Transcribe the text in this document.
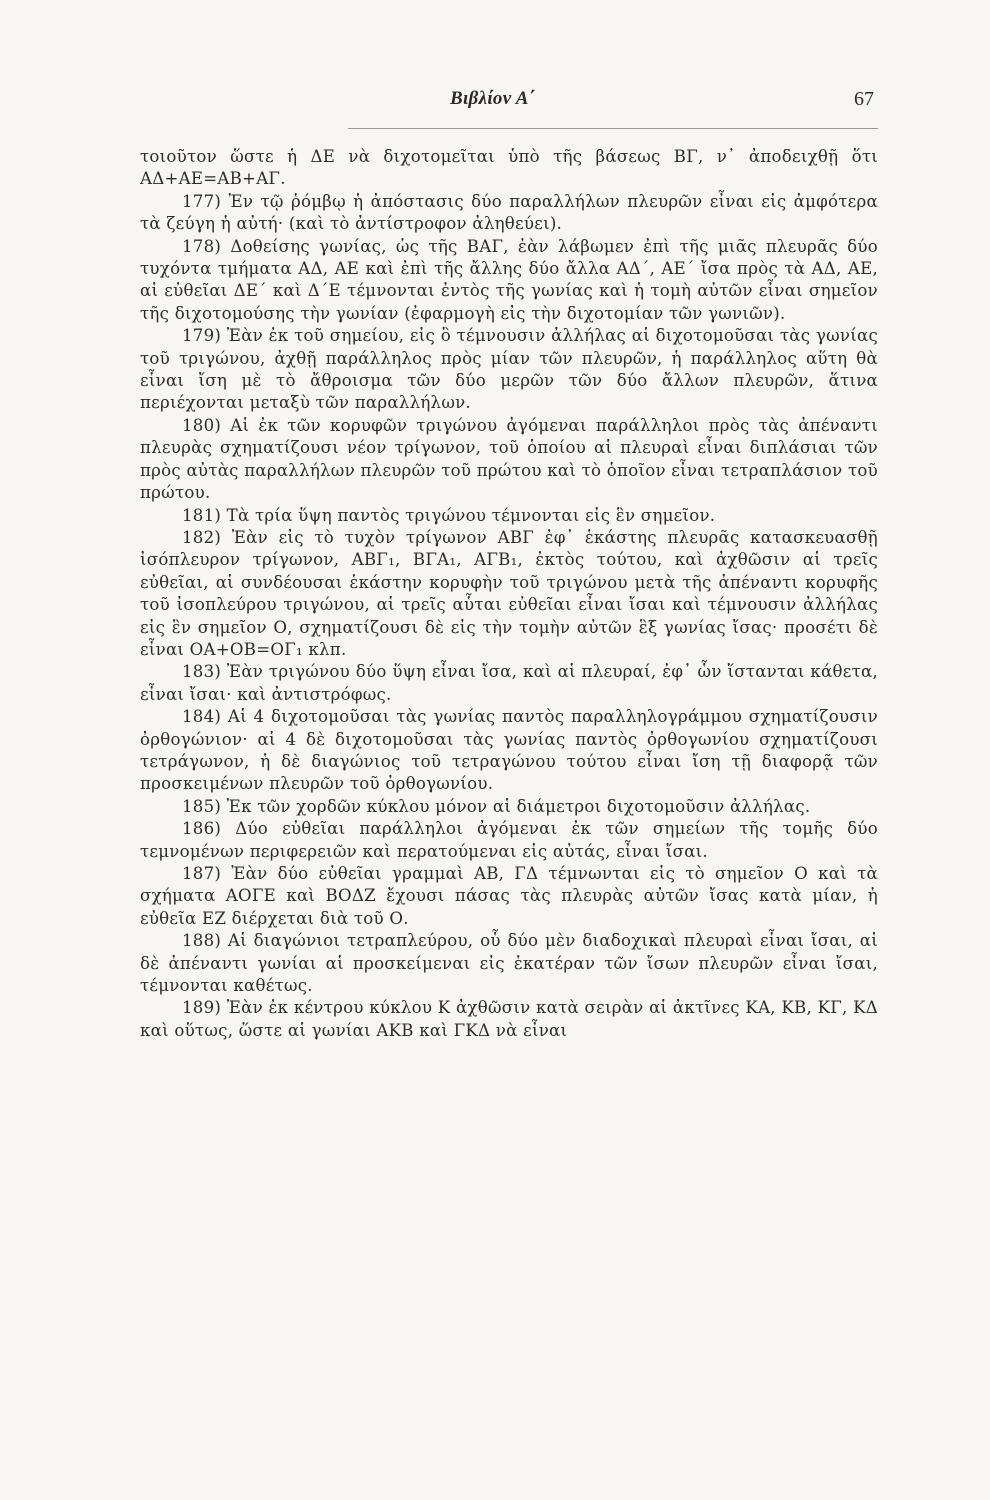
Βιβλίον Α΄	67

τοιοῦτον ὥστε ἡ ΔΕ νὰ διχοτομεῖται ὑπὸ τῆς βάσεως ΒΓ, ν᾽ ἀποδειχθῇ ὅτι ΑΔ+ΑΕ=ΑΒ+ΑΓ.

177) Ἐν τῷ ῥόμβῳ ἡ ἀπόστασις δύο παραλλήλων πλευρῶν εἶναι εἰς ἀμφότερα τὰ ζεύγη ἡ αὐτή· (καὶ τὸ ἀντίστροφον ἀληθεύει).

178) Δοθείσης γωνίας, ὡς τῆς ΒΑΓ, ἐὰν λάβωμεν ἐπὶ τῆς μιᾶς πλευρᾶς δύο τυχόντα τμήματα ΑΔ, ΑΕ καὶ ἐπὶ τῆς ἄλλης δύο ἄλλα ΑΔ΄, ΑΕ΄ ἴσα πρὸς τὰ ΑΔ, ΑΕ, αἱ εὐθεῖαι ΔΕ΄ καὶ Δ΄Ε τέμνονται ἐντὸς τῆς γωνίας καὶ ἡ τομὴ αὐτῶν εἶναι σημεῖον τῆς διχοτομούσης τὴν γωνίαν (ἐφαρμογὴ εἰς τὴν διχοτομίαν τῶν γωνιῶν).

179) Ἐὰν ἐκ τοῦ σημείου, εἰς ὃ τέμνουσιν ἀλλήλας αἱ διχοτομοῦσαι τὰς γωνίας τοῦ τριγώνου, ἀχθῇ παράλληλος πρὸς μίαν τῶν πλευρῶν, ἡ παράλληλος αὕτη θὰ εἶναι ἴση μὲ τὸ ἄθροισμα τῶν δύο μερῶν τῶν δύο ἄλλων πλευρῶν, ἅτινα περιέχονται μεταξὺ τῶν παραλλήλων.

180) Αἱ ἐκ τῶν κορυφῶν τριγώνου ἀγόμεναι παράλληλοι πρὸς τὰς ἀπέναντι πλευρὰς σχηματίζουσι νέον τρίγωνον, τοῦ ὁποίου αἱ πλευραὶ εἶναι διπλάσιαι τῶν πρὸς αὐτὰς παραλλήλων πλευρῶν τοῦ πρώτου καὶ τὸ ὁποῖον εἶναι τετραπλάσιον τοῦ πρώτου.

181) Τὰ τρία ὕψη παντὸς τριγώνου τέμνονται εἰς ἓν σημεῖον.

182) Ἐὰν εἰς τὸ τυχὸν τρίγωνον ΑΒΓ ἐφ᾽ ἑκάστης πλευρᾶς κατασκευασθῇ ἰσόπλευρον τρίγωνον, ΑΒΓ₁, ΒΓΑ₁, ΑΓΒ₁, ἐκτὸς τούτου, καὶ ἀχθῶσιν αἱ τρεῖς εὐθεῖαι, αἱ συνδέουσαι ἑκάστην κορυφὴν τοῦ τριγώνου μετὰ τῆς ἀπέναντι κορυφῆς τοῦ ἰσοπλεύρου τριγώνου, αἱ τρεῖς αὗται εὐθεῖαι εἶναι ἴσαι καὶ τέμνουσιν ἀλλήλας εἰς ἓν σημεῖον Ο, σχηματίζουσι δὲ εἰς τὴν τομὴν αὐτῶν ἓξ γωνίας ἴσας· προσέτι δὲ εἶναι ΟΑ+ΟΒ=ΟΓ₁ κλπ.

183) Ἐὰν τριγώνου δύο ὕψη εἶναι ἴσα, καὶ αἱ πλευραί, ἐφ᾽ ὧν ἵστανται κάθετα, εἶναι ἴσαι· καὶ ἀντιστρόφως.

184) Αἱ 4 διχοτομοῦσαι τὰς γωνίας παντὸς παραλληλογράμμου σχηματίζουσιν ὀρθογώνιον· αἱ 4 δὲ διχοτομοῦσαι τὰς γωνίας παντὸς ὀρθογωνίου σχηματίζουσι τετράγωνον, ἡ δὲ διαγώνιος τοῦ τετραγώνου τούτου εἶναι ἴση τῇ διαφορᾷ τῶν προσκειμένων πλευρῶν τοῦ ὀρθογωνίου.

185) Ἐκ τῶν χορδῶν κύκλου μόνον αἱ διάμετροι διχοτομοῦσιν ἀλλήλας.

186) Δύο εὐθεῖαι παράλληλοι ἀγόμεναι ἐκ τῶν σημείων τῆς τομῆς δύο τεμνομένων περιφερειῶν καὶ περατούμεναι εἰς αὐτάς, εἶναι ἴσαι.

187) Ἐὰν δύο εὐθεῖαι γραμμαὶ ΑΒ, ΓΔ τέμνωνται εἰς τὸ σημεῖον Ο καὶ τὰ σχήματα ΑΟΓΕ καὶ ΒΟΔΖ ἔχουσι πάσας τὰς πλευρὰς αὐτῶν ἴσας κατὰ μίαν, ἡ εὐθεῖα ΕΖ διέρχεται διὰ τοῦ Ο.

188) Αἱ διαγώνιοι τετραπλεύρου, οὗ δύο μὲν διαδοχικαὶ πλευραὶ εἶναι ἴσαι, αἱ δὲ ἀπέναντι γωνίαι αἱ προσκείμεναι εἰς ἑκατέραν τῶν ἴσων πλευρῶν εἶναι ἴσαι, τέμνονται καθέτως.

189) Ἐὰν ἐκ κέντρου κύκλου Κ ἀχθῶσιν κατὰ σειρὰν αἱ ἀκτῖνες ΚΑ, ΚΒ, ΚΓ, ΚΔ καὶ οὕτως, ὥστε αἱ γωνίαι ΑΚΒ καὶ ΓΚΔ νὰ εἶναι
